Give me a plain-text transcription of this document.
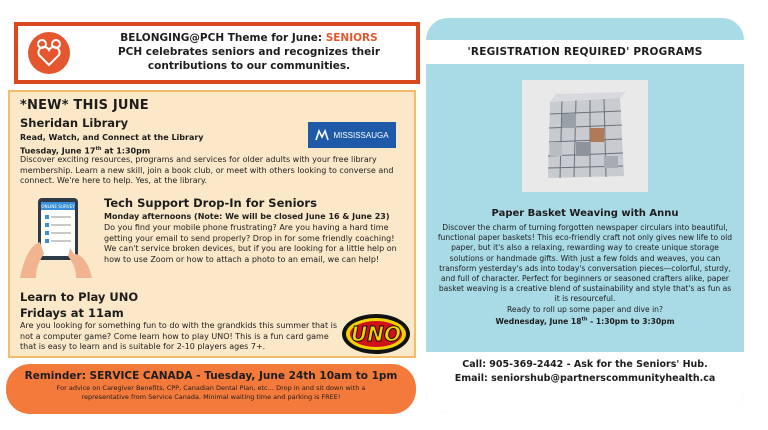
BELONGING@PCH Theme for June: SENIORS
PCH celebrates seniors and recognizes their contributions to our communities.
*NEW* THIS JUNE
Sheridan Library
Read, Watch, and Connect at the Library
Tuesday, June 17th at 1:30pm
Discover exciting resources, programs and services for older adults with your free library membership. Learn a new skill, join a book club, or meet with others looking to converse and connect. We're here to help. Yes, at the library.
MISSISSAUGA
ONLINE SURVEY	Tech Support Drop-In for Seniors
Monday afternoons (Note: We will be closed June 16 & June 23)
Do you find your mobile phone frustrating? Are you having a hard time getting your email to send properly? Drop in for some friendly coaching! We can't service broken devices, but if you are looking for a little help on how to use Zoom or how to attach a photo to an email, we can help!
Learn to Play UNO
Fridays at 11am
Are you looking for something fun to do with the grandkids this summer that is not a computer game? Come learn how to play UNO! This is a fun card game that is easy to learn and is suitable for 2-10 players ages 7+.
UNO
Reminder: SERVICE CANADA - Tuesday, June 24th 10am to 1pm
For advice on Caregiver Benefits, CPP, Canadian Dental Plan, etc… Drop in and sit down with a representative from Service Canada. Minimal waiting time and parking is FREE!
'REGISTRATION REQUIRED' PROGRAMS
Paper Basket Weaving with Annu
Discover the charm of turning forgotten newspaper circulars into beautiful, functional paper baskets! This eco-friendly craft not only gives new life to old paper, but it's also a relaxing, rewarding way to create unique storage solutions or handmade gifts. With just a few folds and weaves, you can transform yesterday's ads into today's conversation pieces—colorful, sturdy, and full of character. Perfect for beginners or seasoned crafters alike, paper basket weaving is a creative blend of sustainability and style that's as fun as it is resourceful.
Ready to roll up some paper and dive in?
Wednesday, June 18th - 1:30pm to 3:30pm
Call: 905-369-2442 - Ask for the Seniors' Hub.
Email: seniorshub@partnerscommunityhealth.ca
